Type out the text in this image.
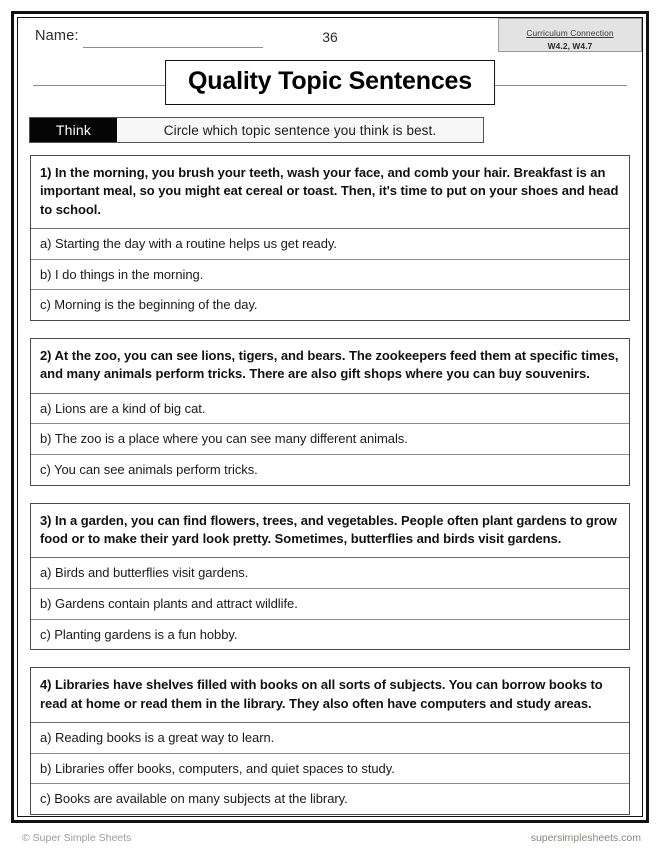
Name:	36	Curriculum Connection
W4.2, W4.7
Quality Topic Sentences
Think	Circle which topic sentence you think is best.
1) In the morning, you brush your teeth, wash your face, and comb your hair. Breakfast is an important meal, so you might eat cereal or toast. Then, it's time to put on your shoes and head to school.
a) Starting the day with a routine helps us get ready.
b) I do things in the morning.
c) Morning is the beginning of the day.
2) At the zoo, you can see lions, tigers, and bears. The zookeepers feed them at specific times, and many animals perform tricks. There are also gift shops where you can buy souvenirs.
a) Lions are a kind of big cat.
b) The zoo is a place where you can see many different animals.
c) You can see animals perform tricks.
3) In a garden, you can find flowers, trees, and vegetables. People often plant gardens to grow food or to make their yard look pretty. Sometimes, butterflies and birds visit gardens.
a) Birds and butterflies visit gardens.
b) Gardens contain plants and attract wildlife.
c) Planting gardens is a fun hobby.
4) Libraries have shelves filled with books on all sorts of subjects. You can borrow books to read at home or read them in the library. They also often have computers and study areas.
a) Reading books is a great way to learn.
b) Libraries offer books, computers, and quiet spaces to study.
c) Books are available on many subjects at the library.
© Super Simple Sheets	supersimplesheets.com
